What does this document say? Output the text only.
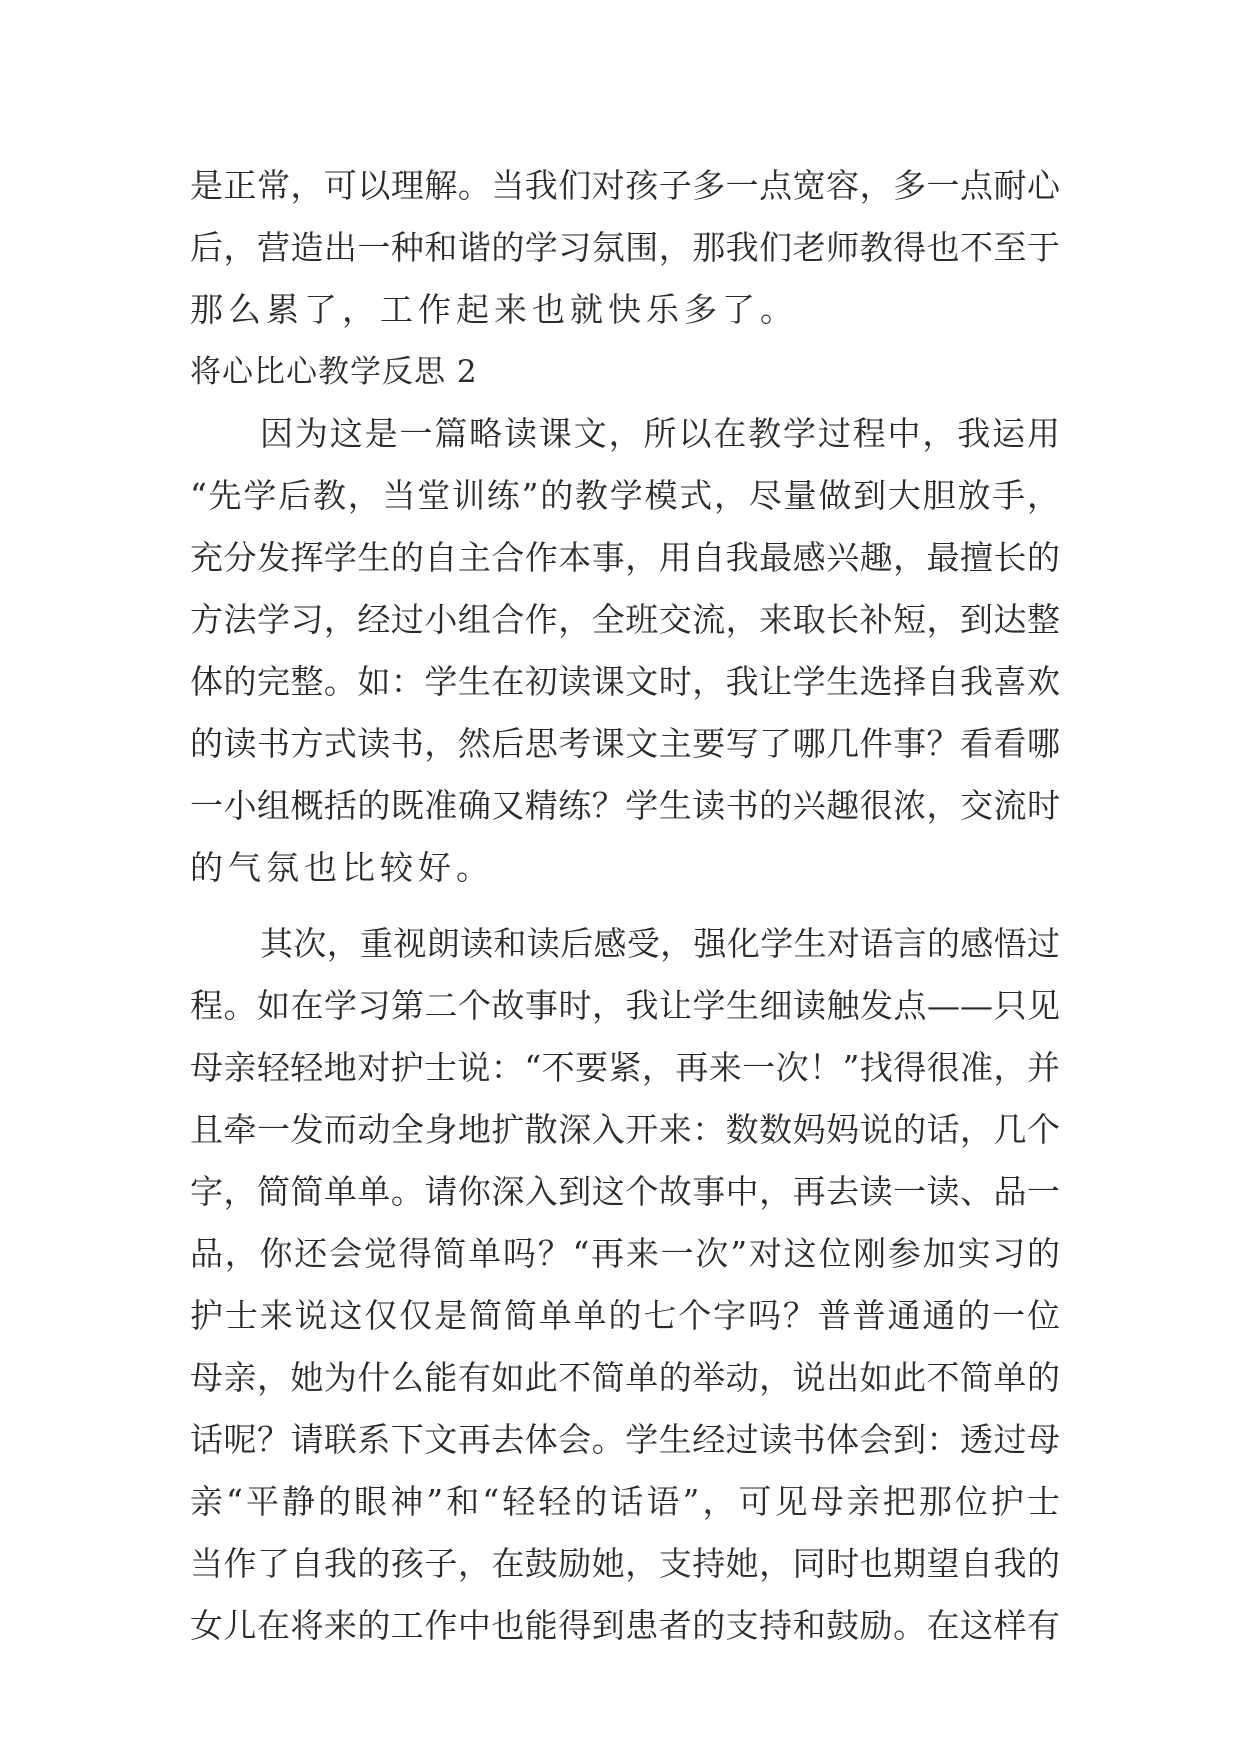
是正常，可以理解。当我们对孩子多一点宽容，多一点耐心
后，营造出一种和谐的学习氛围，那我们老师教得也不至于
那么累了，工作起来也就快乐多了。
将心比心教学反思 2
因为这是一篇略读课文，所以在教学过程中，我运用
“先学后教，当堂训练”的教学模式，尽量做到大胆放手，
充分发挥学生的自主合作本事，用自我最感兴趣，最擅长的
方法学习，经过小组合作，全班交流，来取长补短，到达整
体的完整。如：学生在初读课文时，我让学生选择自我喜欢
的读书方式读书，然后思考课文主要写了哪几件事？看看哪
一小组概括的既准确又精练？学生读书的兴趣很浓，交流时
的气氛也比较好。
其次，重视朗读和读后感受，强化学生对语言的感悟过
程。如在学习第二个故事时，我让学生细读触发点——只见
母亲轻轻地对护士说：“不要紧，再来一次！”找得很准，并
且牵一发而动全身地扩散深入开来：数数妈妈说的话，几个
字，简简单单。请你深入到这个故事中，再去读一读、品一
品，你还会觉得简单吗？“再来一次”对这位刚参加实习的
护士来说这仅仅是简简单单的七个字吗？普普通通的一位
母亲，她为什么能有如此不简单的举动，说出如此不简单的
话呢？请联系下文再去体会。学生经过读书体会到：透过母
亲“平静的眼神”和“轻轻的话语”，可见母亲把那位护士
当作了自我的孩子，在鼓励她，支持她，同时也期望自我的
女儿在将来的工作中也能得到患者的支持和鼓励。在这样有
